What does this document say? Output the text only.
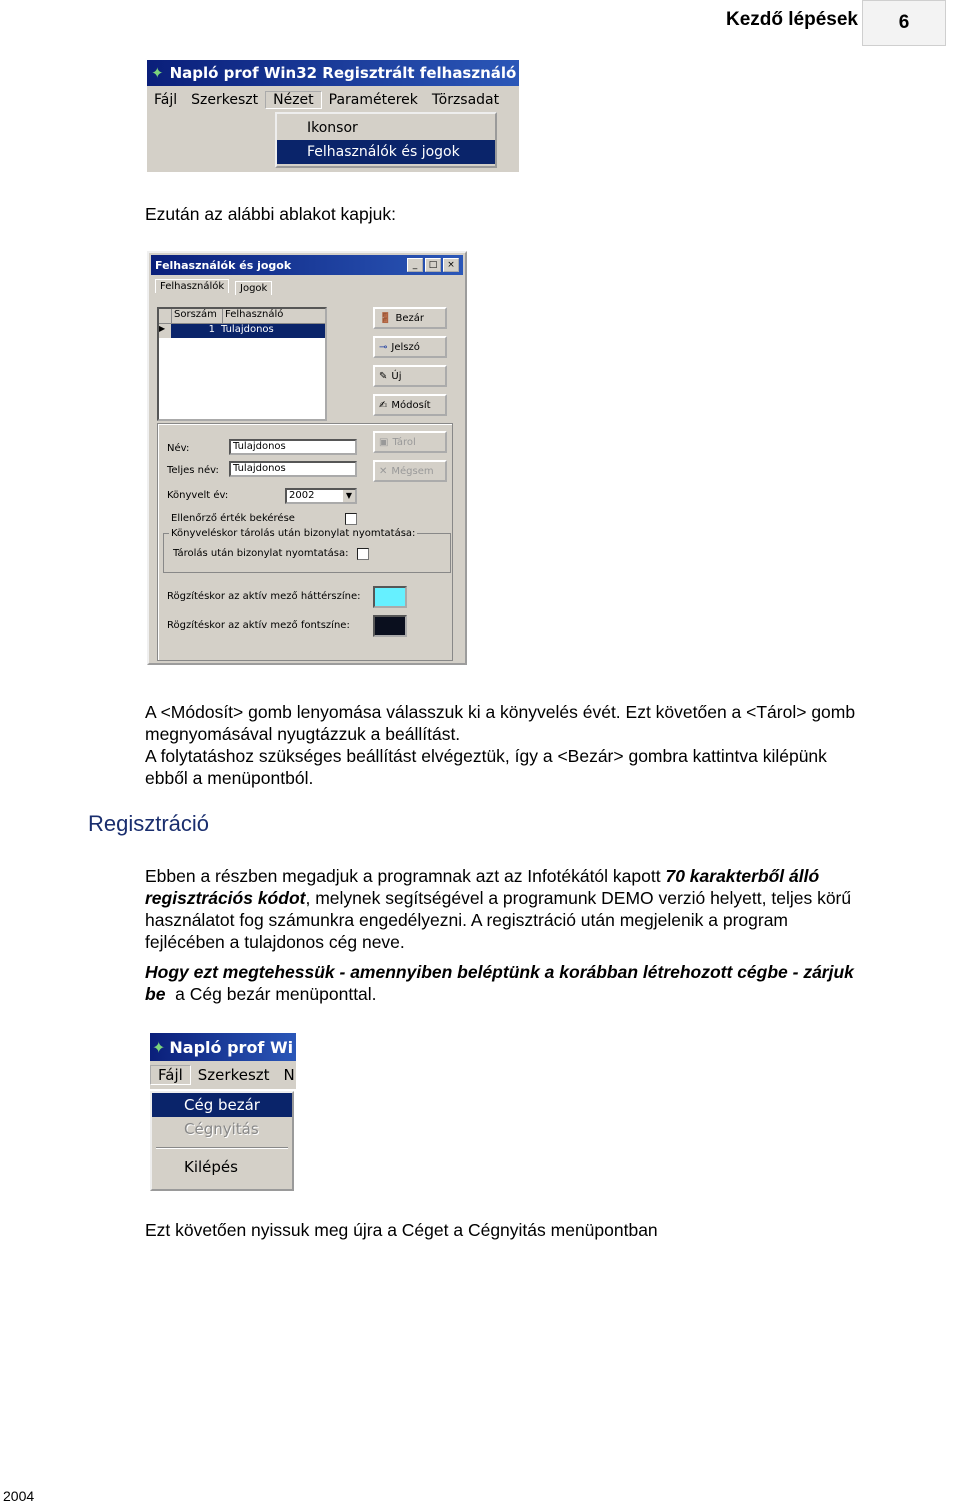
Kezdő lépések	6
✦ Napló prof Win32 Regisztrált felhasználó
Fájl	Szerkeszt	Nézet	Paraméterek	Törzsadat
Ikonsor
Felhasználók és jogok
Ezután az alábbi ablakot kapjuk:
Felhasználók és jogok	_	□	×
Felhasználók	Jogok
Sorszám Felhasználó
▶	1 Tulajdonos
🚪 Bezár
⊸ Jelszó
✎ Új
✍ Módosít
▣ Tárol
✕ Mégsem
Név:	Tulajdonos
Teljes név:	Tulajdonos
Könyvelt év:	2002	▼
Ellenőrző érték bekérése
Könyveléskor tárolás után bizonylat nyomtatása:
Tárolás után bizonylat nyomtatása:
Rögzítéskor az aktív mező háttérszíne:
Rögzítéskor az aktív mező fontszíne:
A <Módosít> gomb lenyomása válasszuk ki a könyvelés évét. Ezt követően a <Tárol> gomb
megnyomásával nyugtázzuk a beállítást.
A folytatáshoz szükséges beállítást elvégeztük, így a <Bezár> gombra kattintva kilépünk
ebből a menüpontból.
Regisztráció
Ebben a részben megadjuk a programnak azt az Infotékától kapott 70 karakterből álló
regisztrációs kódot, melynek segítségével a programunk DEMO verzió helyett, teljes körű
használatot fog számunkra engedélyezni. A regisztráció után megjelenik a program
fejlécében a tulajdonos cég neve.
Hogy ezt megtehessük - amennyiben beléptünk a korábban létrehozott cégbe - zárjuk
be  a Cég bezár menüponttal.
✦ Napló prof Wi
Fájl	Szerkeszt N
Cég bezár
Cégnyitás
Kilépés
Ezt követően nyissuk meg újra a Céget a Cégnyitás menüpontban
2004
